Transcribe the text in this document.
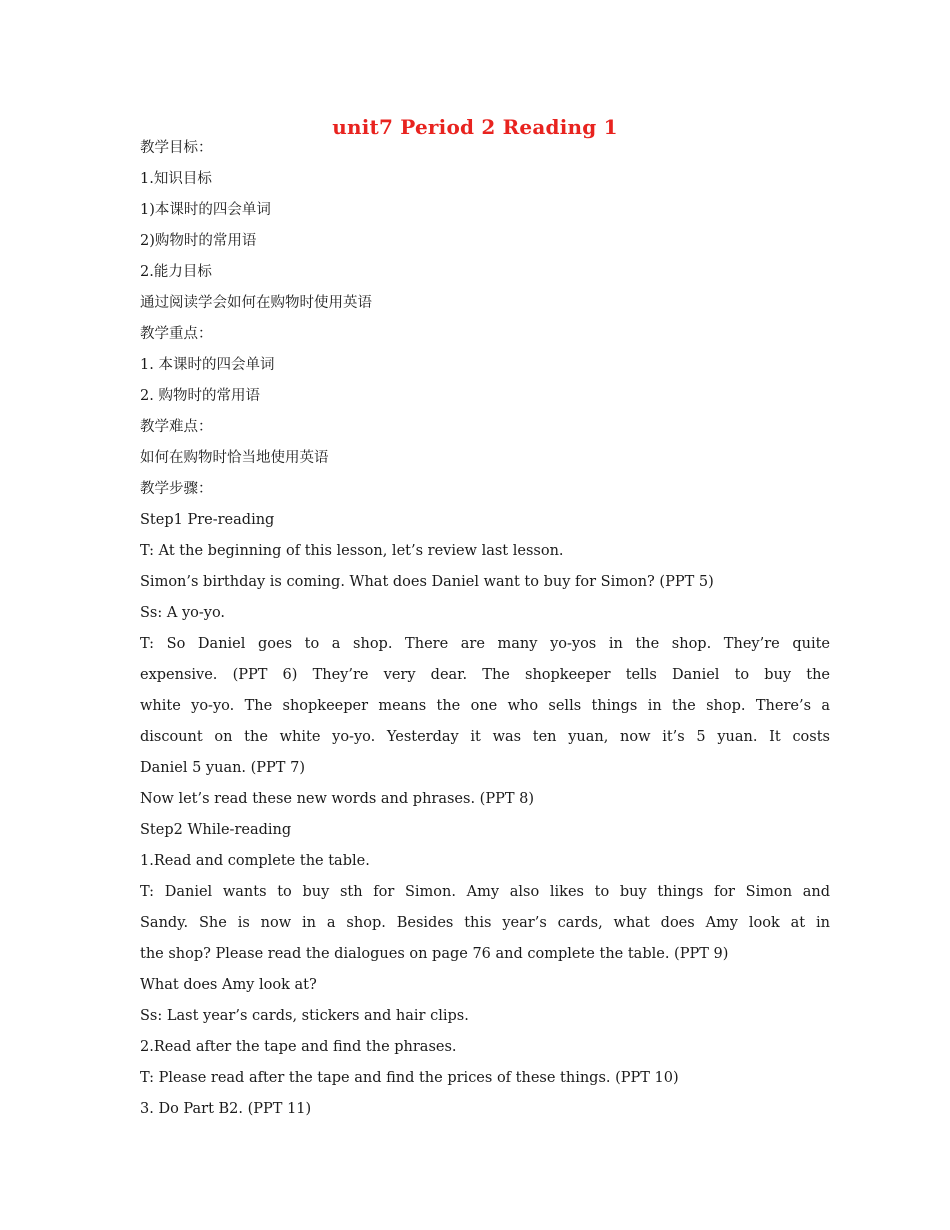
unit7 Period 2 Reading 1
教学目标：
1.知识目标
1)本课时的四会单词
2)购物时的常用语
2.能力目标
通过阅读学会如何在购物时使用英语
教学重点：
1. 本课时的四会单词
2. 购物时的常用语
教学难点：
如何在购物时恰当地使用英语
教学步骤：
Step1 Pre-reading
T: At the beginning of this lesson, let’s review last lesson.
Simon’s birthday is coming. What does Daniel want to buy for Simon? (PPT 5)
Ss: A yo-yo.
T: So Daniel goes to a shop. There are many yo-yos in the shop. They’re quite
expensive. (PPT 6) They’re very dear. The shopkeeper tells Daniel to buy the
white yo-yo. The shopkeeper means the one who sells things in the shop. There’s a
discount on the white yo-yo. Yesterday it was ten yuan, now it’s 5 yuan. It costs
Daniel 5 yuan. (PPT 7)
Now let’s read these new words and phrases. (PPT 8)
Step2 While-reading
1.Read and complete the table.
T: Daniel wants to buy sth for Simon. Amy also likes to buy things for Simon and
Sandy. She is now in a shop. Besides this year’s cards, what does Amy look at in
the shop? Please read the dialogues on page 76 and complete the table. (PPT 9)
What does Amy look at?
Ss: Last year’s cards, stickers and hair clips.
2.Read after the tape and find the phrases.
T: Please read after the tape and find the prices of these things. (PPT 10)
3. Do Part B2. (PPT 11)
